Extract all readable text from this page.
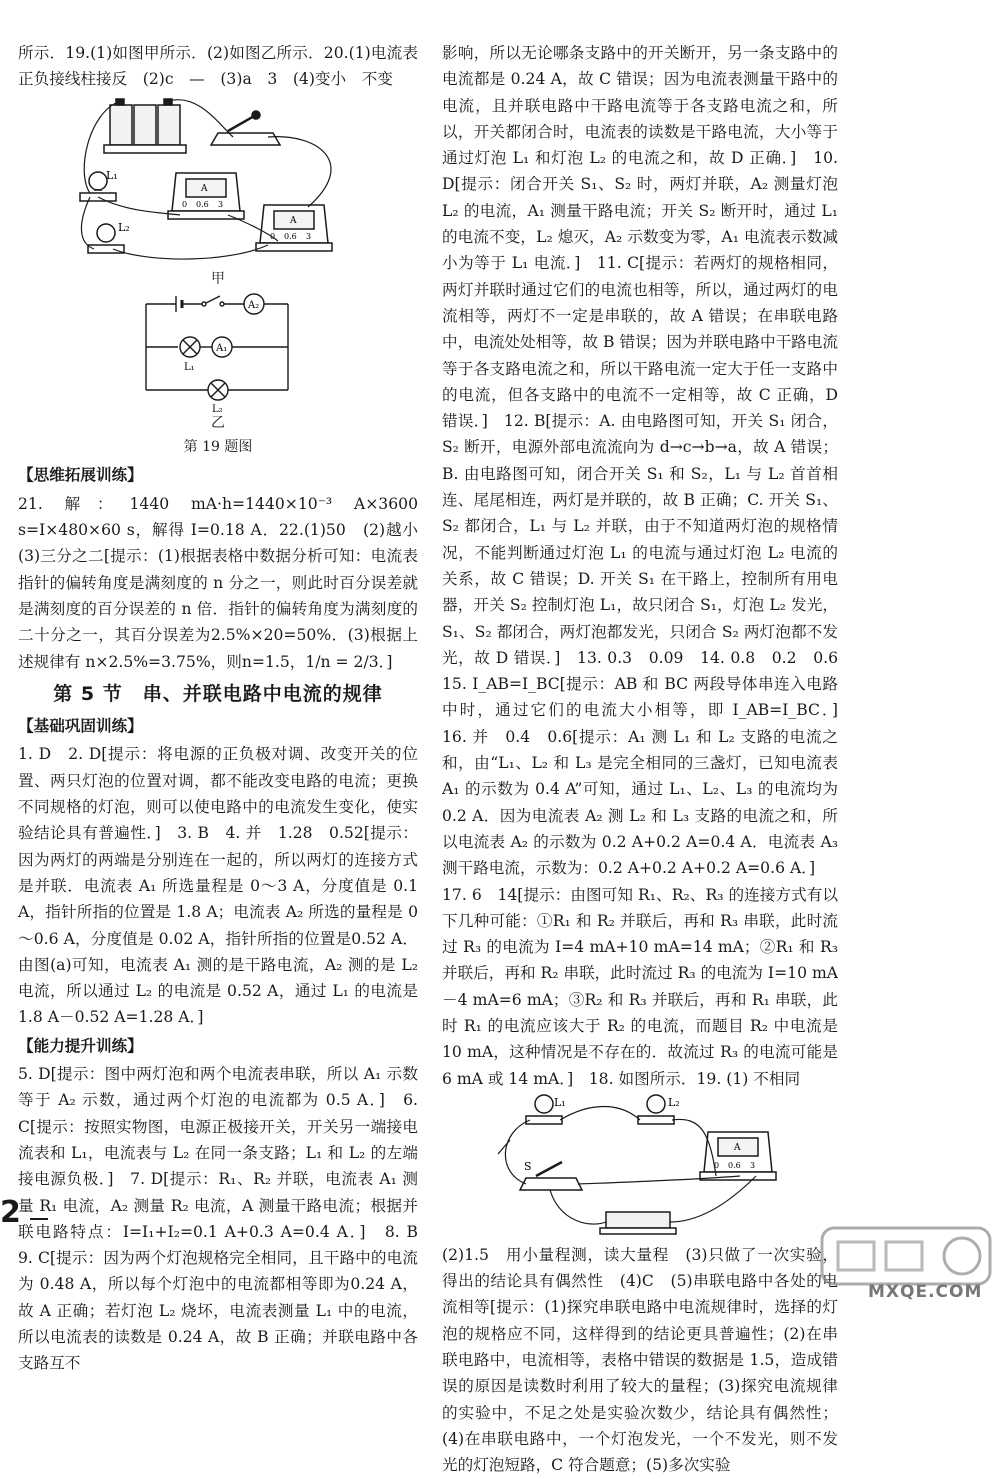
所示．19.(1)如图甲所示．(2)如图乙所示．20.(1)电流表正负接线柱接反　(2)c　—　(3)a　3　(4)变小　不变

L₁
L₂
A
0 0.6 3
A
0 0.6 3
甲
A₂
A₁
L₁
L₂
乙
第 19 题图
【思维拓展训练】

21. 解：1440 mA·h=1440×10⁻³ A×3600 s=I×480×60 s，解得 I=0.18 A．22.(1)50　(2)越小　(3)三分之二[提示：(1)根据表格中数据分析可知：电流表指针的偏转角度是满刻度的 n 分之一，则此时百分误差就是满刻度的百分误差的 n 倍．指针的偏转角度为满刻度的二十分之一，其百分误差为2.5%×20=50%．(3)根据上述规律有 n×2.5%=3.75%，则n=1.5，1/n = 2/3．]

第 5 节　串、并联电路中电流的规律
【基础巩固训练】

1. D　2. D[提示：将电源的正负极对调、改变开关的位置、两只灯泡的位置对调，都不能改变电路的电流；更换不同规格的灯泡，则可以使电路中的电流发生变化，使实验结论具有普遍性．]　3. B　4. 并　1.28　0.52[提示：因为两灯的两端是分别连在一起的，所以两灯的连接方式是并联．电流表 A₁ 所选量程是 0～3 A，分度值是 0.1 A，指针所指的位置是 1.8 A；电流表 A₂ 所选的量程是 0～0.6 A，分度值是 0.02 A，指针所指的位置是0.52 A．由图(a)可知，电流表 A₁ 测的是干路电流，A₂ 测的是 L₂ 电流，所以通过 L₂ 的电流是 0.52 A，通过 L₁ 的电流是1.8 A－0.52 A=1.28 A．]

【能力提升训练】

5. D[提示：图中两灯泡和两个电流表串联，所以 A₁ 示数等于 A₂ 示数，通过两个灯泡的电流都为 0.5 A．]　6. C[提示：按照实物图，电源正极接开关，开关另一端接电流表和 L₁，电流表与 L₂ 在同一条支路；L₁ 和 L₂ 的左端接电源负极．]　7. D[提示：R₁、R₂ 并联，电流表 A₁ 测量 R₁ 电流，A₂ 测量 R₂ 电流，A 测量干路电流；根据并联电路特点：I=I₁+I₂=0.1 A+0.3 A=0.4 A．]　8. B　9. C[提示：因为两个灯泡规格完全相同，且干路中的电流为 0.48 A，所以每个灯泡中的电流都相等即为0.24 A，故 A 正确；若灯泡 L₂ 烧坏，电流表测量 L₁ 中的电流，所以电流表的读数是 0.24 A，故 B 正确；并联电路中各支路互不

影响，所以无论哪条支路中的开关断开，另一条支路中的电流都是 0.24 A，故 C 错误；因为电流表测量干路中的电流，且并联电路中干路电流等于各支路电流之和，所以，开关都闭合时，电流表的读数是干路电流，大小等于通过灯泡 L₁ 和灯泡 L₂ 的电流之和，故 D 正确．]　10. D[提示：闭合开关 S₁、S₂ 时，两灯并联，A₂ 测量灯泡 L₂ 的电流，A₁ 测量干路电流；开关 S₂ 断开时，通过 L₁ 的电流不变，L₂ 熄灭，A₂ 示数变为零，A₁ 电流表示数减小为等于 L₁ 电流．]　11. C[提示：若两灯的规格相同，两灯并联时通过它们的电流也相等，所以，通过两灯的电流相等，两灯不一定是串联的，故 A 错误；在串联电路中，电流处处相等，故 B 错误；因为并联电路中干路电流等于各支路电流之和，所以干路电流一定大于任一支路中的电流，但各支路中的电流不一定相等，故 C 正确，D 错误．]　12. B[提示：A. 由电路图可知，开关 S₁ 闭合，S₂ 断开，电源外部电流流向为 d→c→b→a，故 A 错误；B. 由电路图可知，闭合开关 S₁ 和 S₂，L₁ 与 L₂ 首首相连、尾尾相连，两灯是并联的，故 B 正确；C. 开关 S₁、S₂ 都闭合，L₁ 与 L₂ 并联，由于不知道两灯泡的规格情况，不能判断通过灯泡 L₁ 的电流与通过灯泡 L₂ 电流的关系，故 C 错误；D. 开关 S₁ 在干路上，控制所有用电器，开关 S₂ 控制灯泡 L₁，故只闭合 S₁，灯泡 L₂ 发光，S₁、S₂ 都闭合，两灯泡都发光，只闭合 S₂ 两灯泡都不发光，故 D 错误．]　13. 0.3　0.09　14. 0.8　0.2　0.6　15. I_AB=I_BC[提示：AB 和 BC 两段导体串连入电路中时，通过它们的电流大小相等，即 I_AB=I_BC．]　16. 并　0.4　0.6[提示：A₁ 测 L₁ 和 L₂ 支路的电流之和，由“L₁、L₂ 和 L₃ 是完全相同的三盏灯，已知电流表 A₁ 的示数为 0.4 A”可知，通过 L₁、L₂、L₃ 的电流均为 0.2 A．因为电流表 A₂ 测 L₂ 和 L₃ 支路的电流之和，所以电流表 A₂ 的示数为 0.2 A+0.2 A=0.4 A．电流表 A₃ 测干路电流，示数为：0.2 A+0.2 A+0.2 A=0.6 A．]

17. 6　14[提示：由图可知 R₁、R₂、R₃ 的连接方式有以下几种可能：①R₁ 和 R₂ 并联后，再和 R₃ 串联，此时流过 R₃ 的电流为 I=4 mA+10 mA=14 mA；②R₁ 和 R₃ 并联后，再和 R₂ 串联，此时流过 R₃ 的电流为 I=10 mA－4 mA=6 mA；③R₂ 和 R₃ 并联后，再和 R₁ 串联，此时 R₁ 的电流应该大于 R₂ 的电流，而题目 R₂ 中电流是 10 mA，这种情况是不存在的．故流过 R₃ 的电流可能是 6 mA 或 14 mA．]　18. 如图所示．19. (1) 不相同

L₁	L₂
A
0 0.6 3
S

(2)1.5　用小量程测，读大量程　(3)只做了一次实验，得出的结论具有偶然性　(4)C　(5)串联电路中各处的电流相等[提示：(1)探究串联电路中电流规律时，选择的灯泡的规格应不同，这样得到的结论更具普遍性；(2)在串联电路中，电流相等，表格中错误的数据是 1.5，造成错误的原因是读数时利用了较大的量程；(3)探究电流规律的实验中，不足之处是实验次数少，结论具有偶然性；(4)在串联电路中，一个灯泡发光，一个不发光，则不发光的灯泡短路，C 符合题意；(5)多次实验

2
MXQE.COM
